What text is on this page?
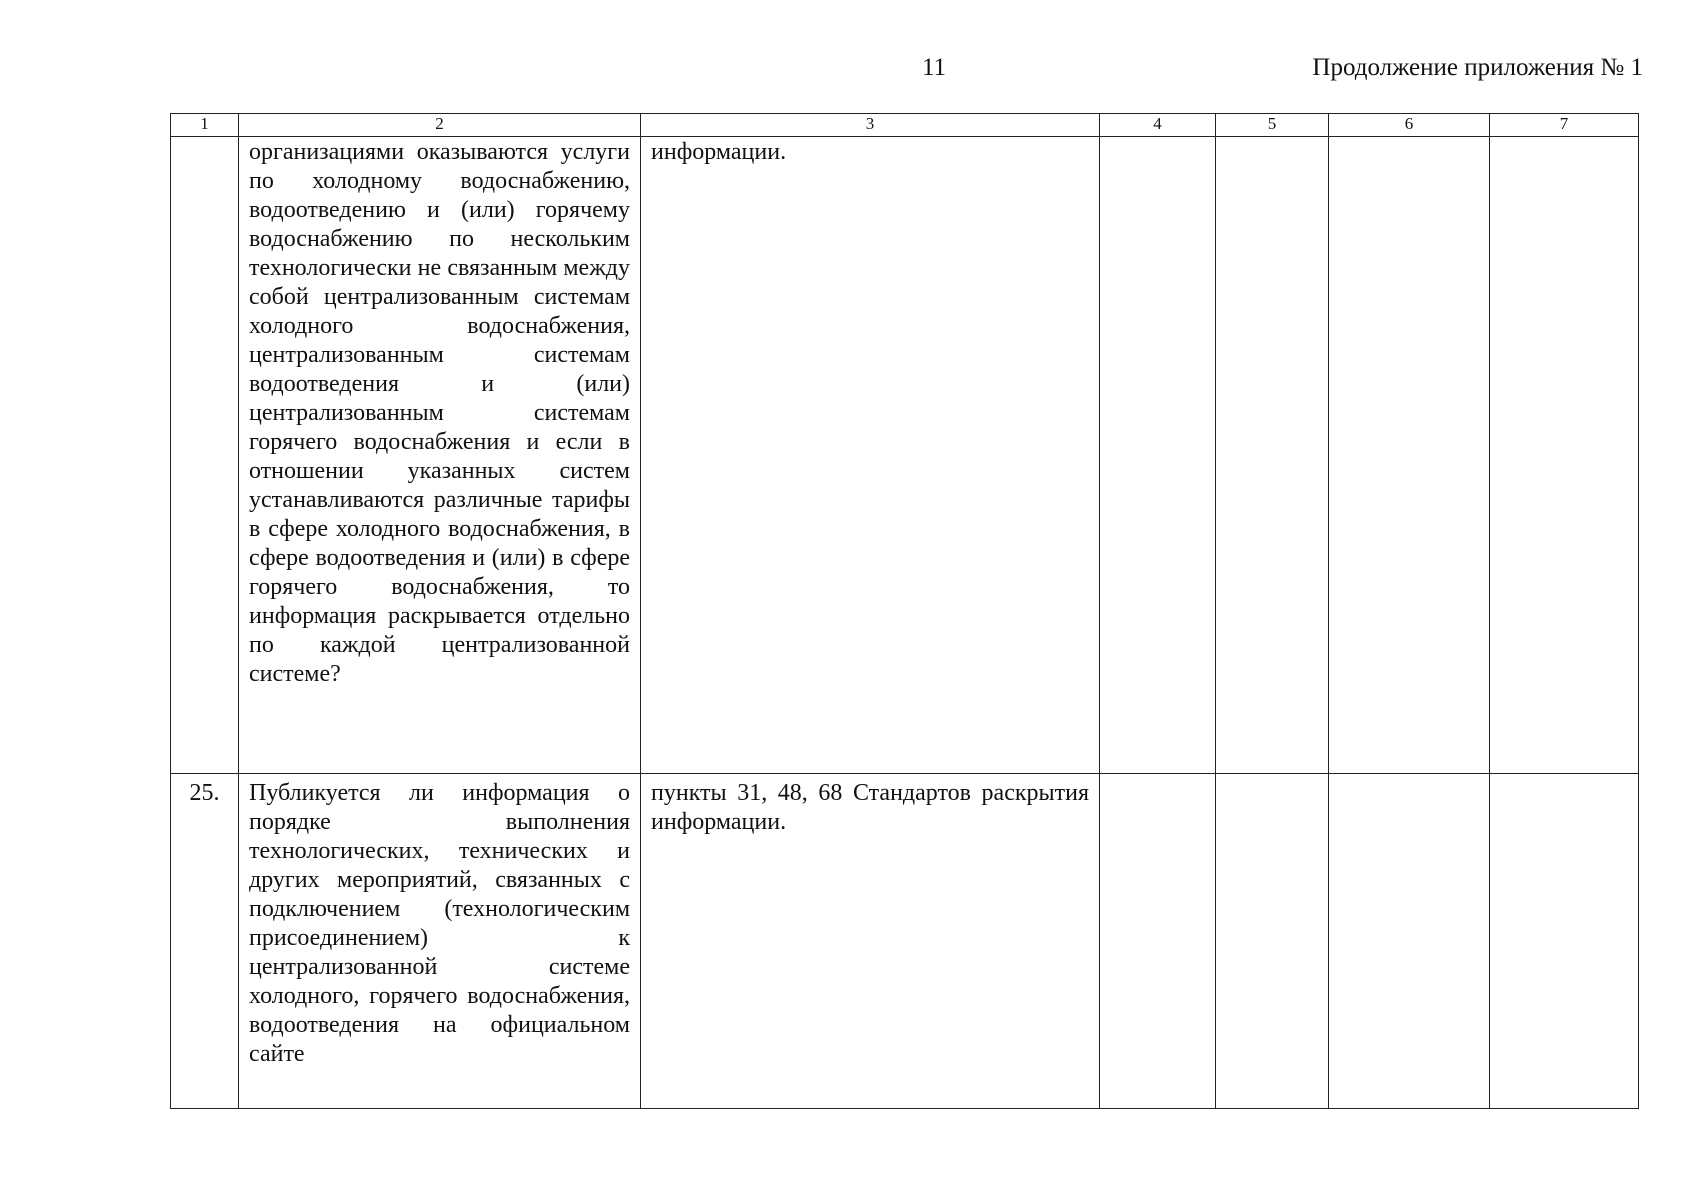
11	Продолжение приложения № 1
1	2	3	4	5	6	7

	организациями оказываются услуги по холодному водоснабжению, водоотведению и (или) горячему водоснабжению по нескольким технологически не связанным между собой централизованным системам холодного водоснабжения, централизованным системам водоотведения и (или) централизованным системам горячего водоснабжения и если в отношении указанных систем устанавливаются различные тарифы в сфере холодного водоснабжения, в сфере водоотведения и (или) в сфере горячего водоснабжения, то информация раскрывается отдельно по каждой централизованной системе?	информации.				

25.	Публикуется ли информация о порядке выполнения технологических, технических и других мероприятий, связанных с подключением (технологическим присоединением) к централизованной системе холодного, горячего водоснабжения, водоотведения на официальном сайте	пункты 31, 48, 68 Стандартов раскрытия информации.				
